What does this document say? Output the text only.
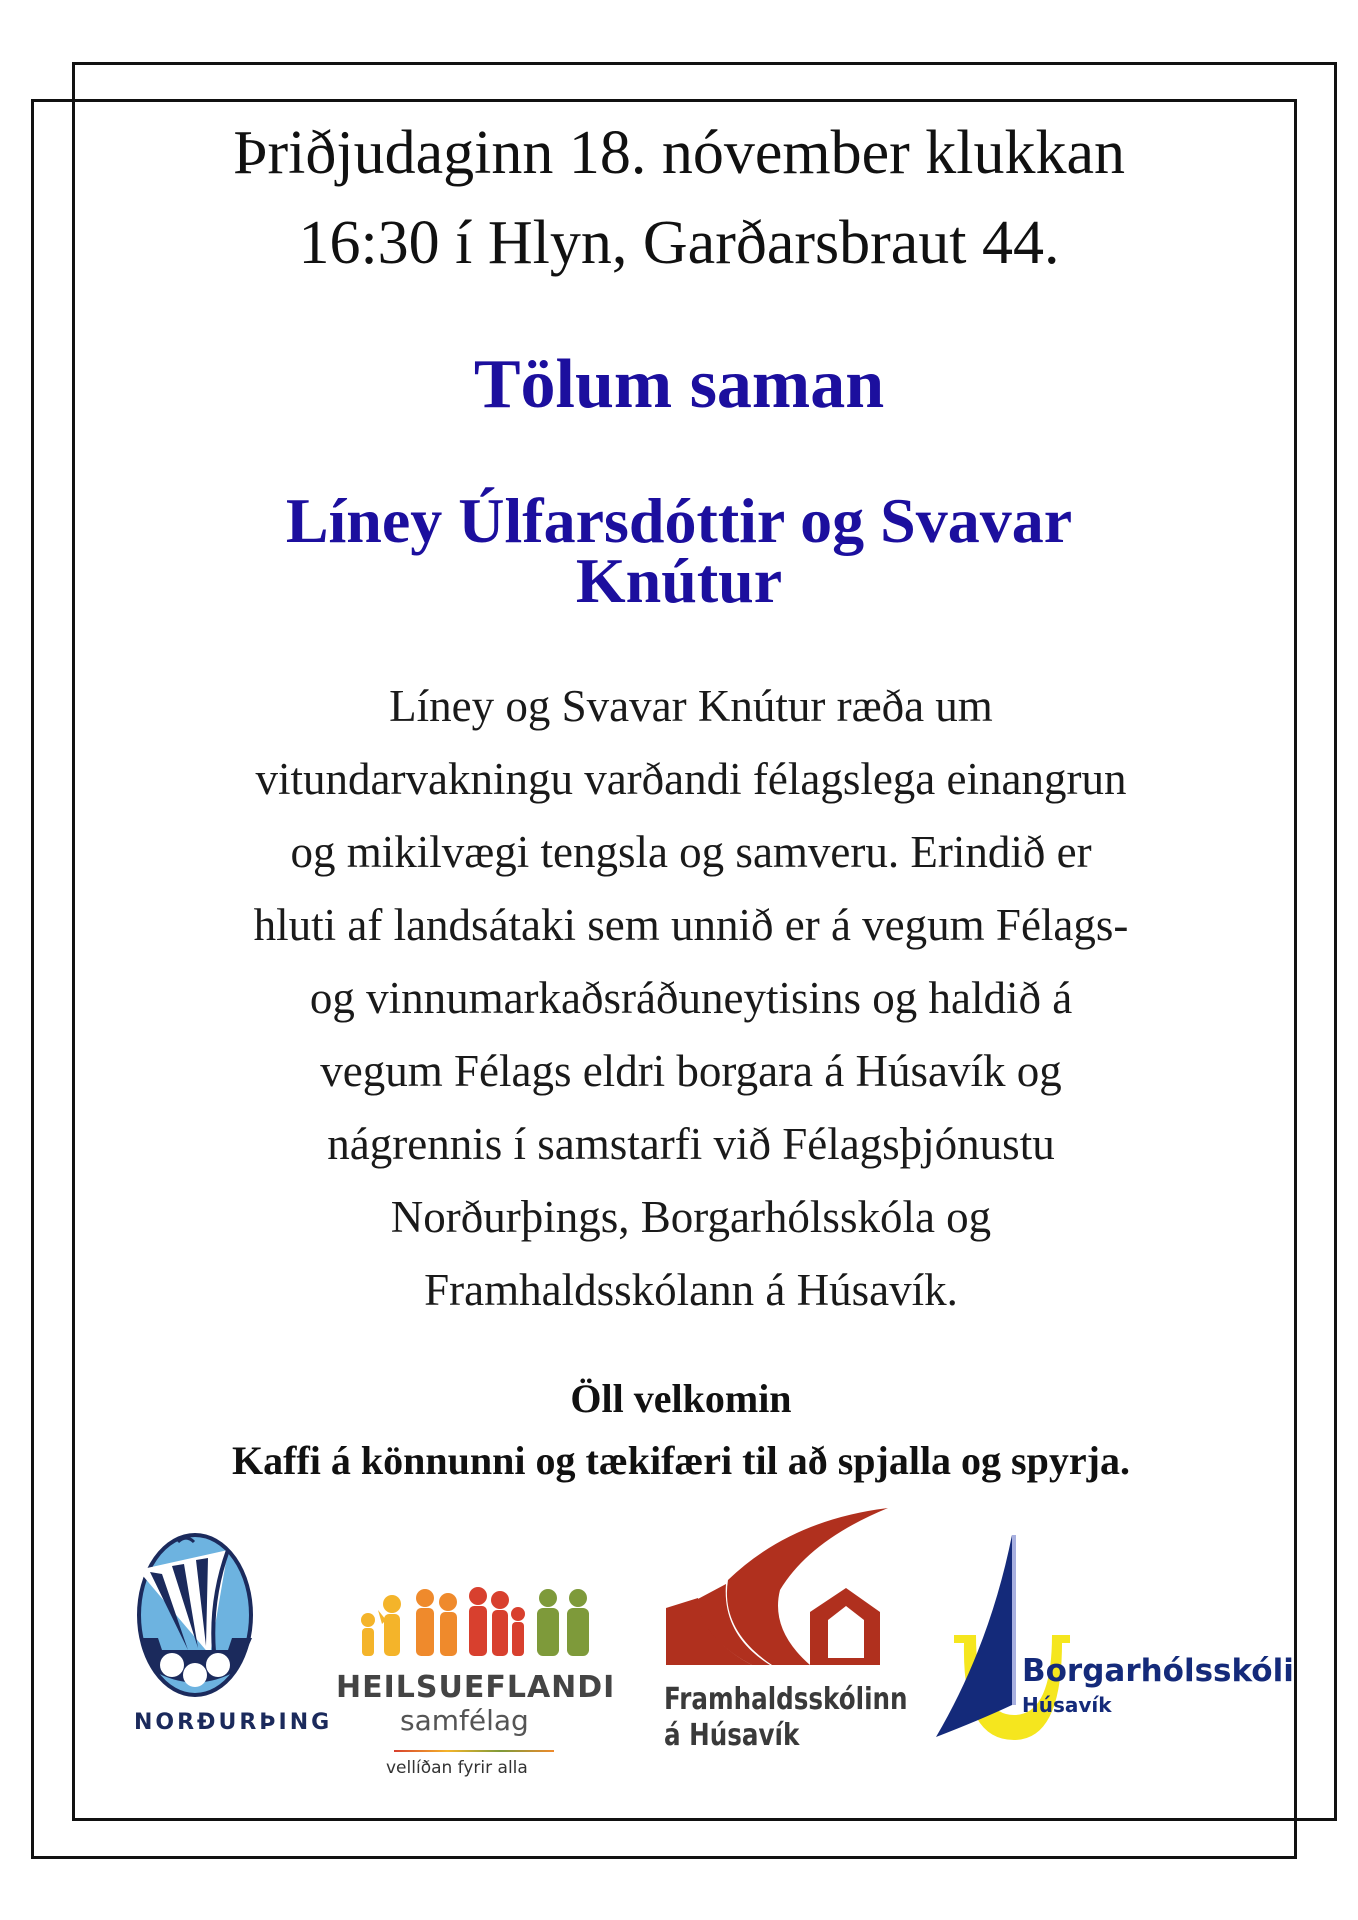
Þriðjudaginn 18. nóvember klukkan
16:30 í Hlyn, Garðarsbraut 44.
Tölum saman
Líney Úlfarsdóttir og Svavar
Knútur
Líney og Svavar Knútur ræða um
vitundarvakningu varðandi félagslega einangrun
og mikilvægi tengsla og samveru. Erindið er
hluti af landsátaki sem unnið er á vegum Félags-
og vinnumarkaðsráðuneytisins og haldið á
vegum Félags eldri borgara á Húsavík og
nágrennis í samstarfi við Félagsþjónustu
Norðurþings, Borgarhólsskóla og
Framhaldsskólann á Húsavík.
Öll velkomin
Kaffi á könnunni og tækifæri til að spjalla og spyrja.
NORÐURÞING
HEILSUEFLANDI
samfélag
vellíðan fyrir alla
Framhaldsskólinn
á Húsavík
Borgarhólsskóli
Húsavík
